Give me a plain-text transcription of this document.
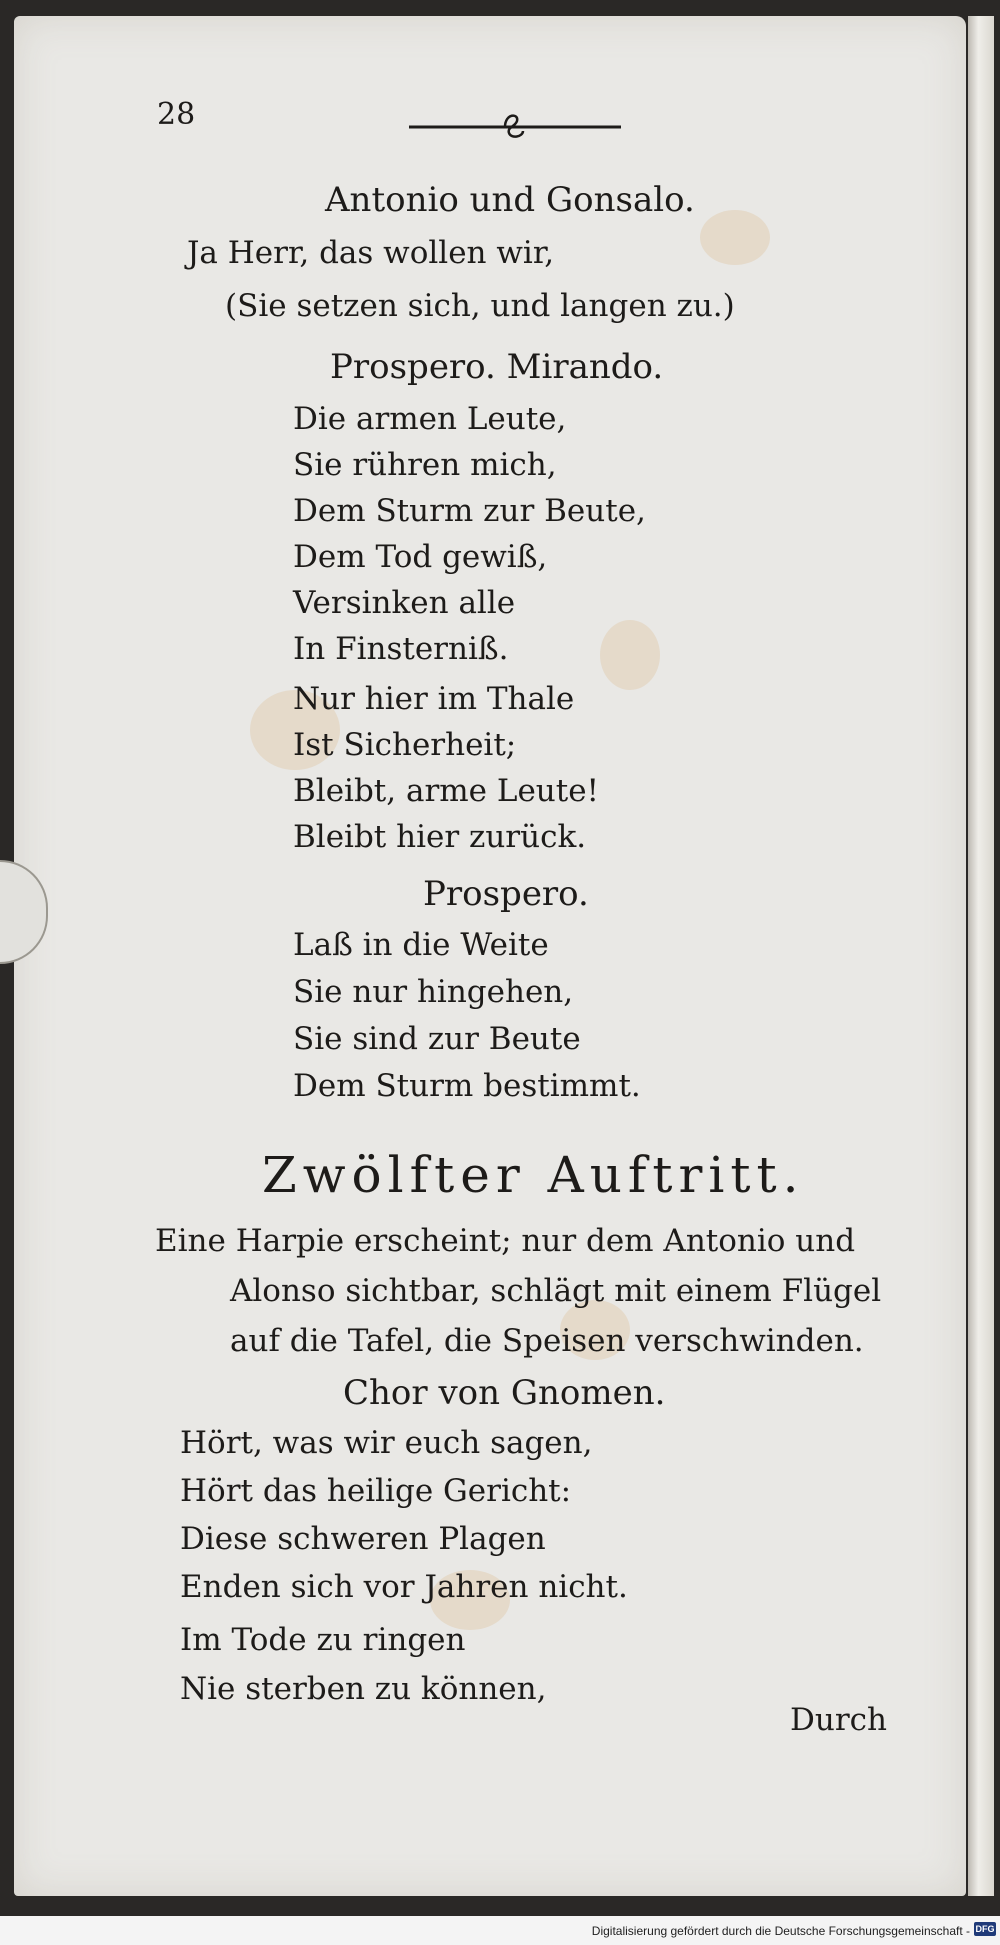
28
Antonio und Gonsalo.
Ja Herr, das wollen wir,
(Sie setzen sich, und langen zu.)
Prospero. Mirando.
Die armen Leute,
Sie rühren mich,
Dem Sturm zur Beute,
Dem Tod gewiß,
Versinken alle
In Finsterniß.
Nur hier im Thale
Ist Sicherheit;
Bleibt, arme Leute!
Bleibt hier zurück.
Prospero.
Laß in die Weite
Sie nur hingehen,
Sie sind zur Beute
Dem Sturm bestimmt.
Zwölfter Auftritt.
Eine Harpie erscheint; nur dem Antonio und
Alonso sichtbar, schlägt mit einem Flügel
auf die Tafel, die Speisen verschwinden.
Chor von Gnomen.
Hört, was wir euch sagen,
Hört das heilige Gericht:
Diese schweren Plagen
Enden sich vor Jahren nicht.
Im Tode zu ringen
Nie sterben zu können,
Durch
Digitalisierung gefördert durch die Deutsche Forschungsgemeinschaft - DFG
